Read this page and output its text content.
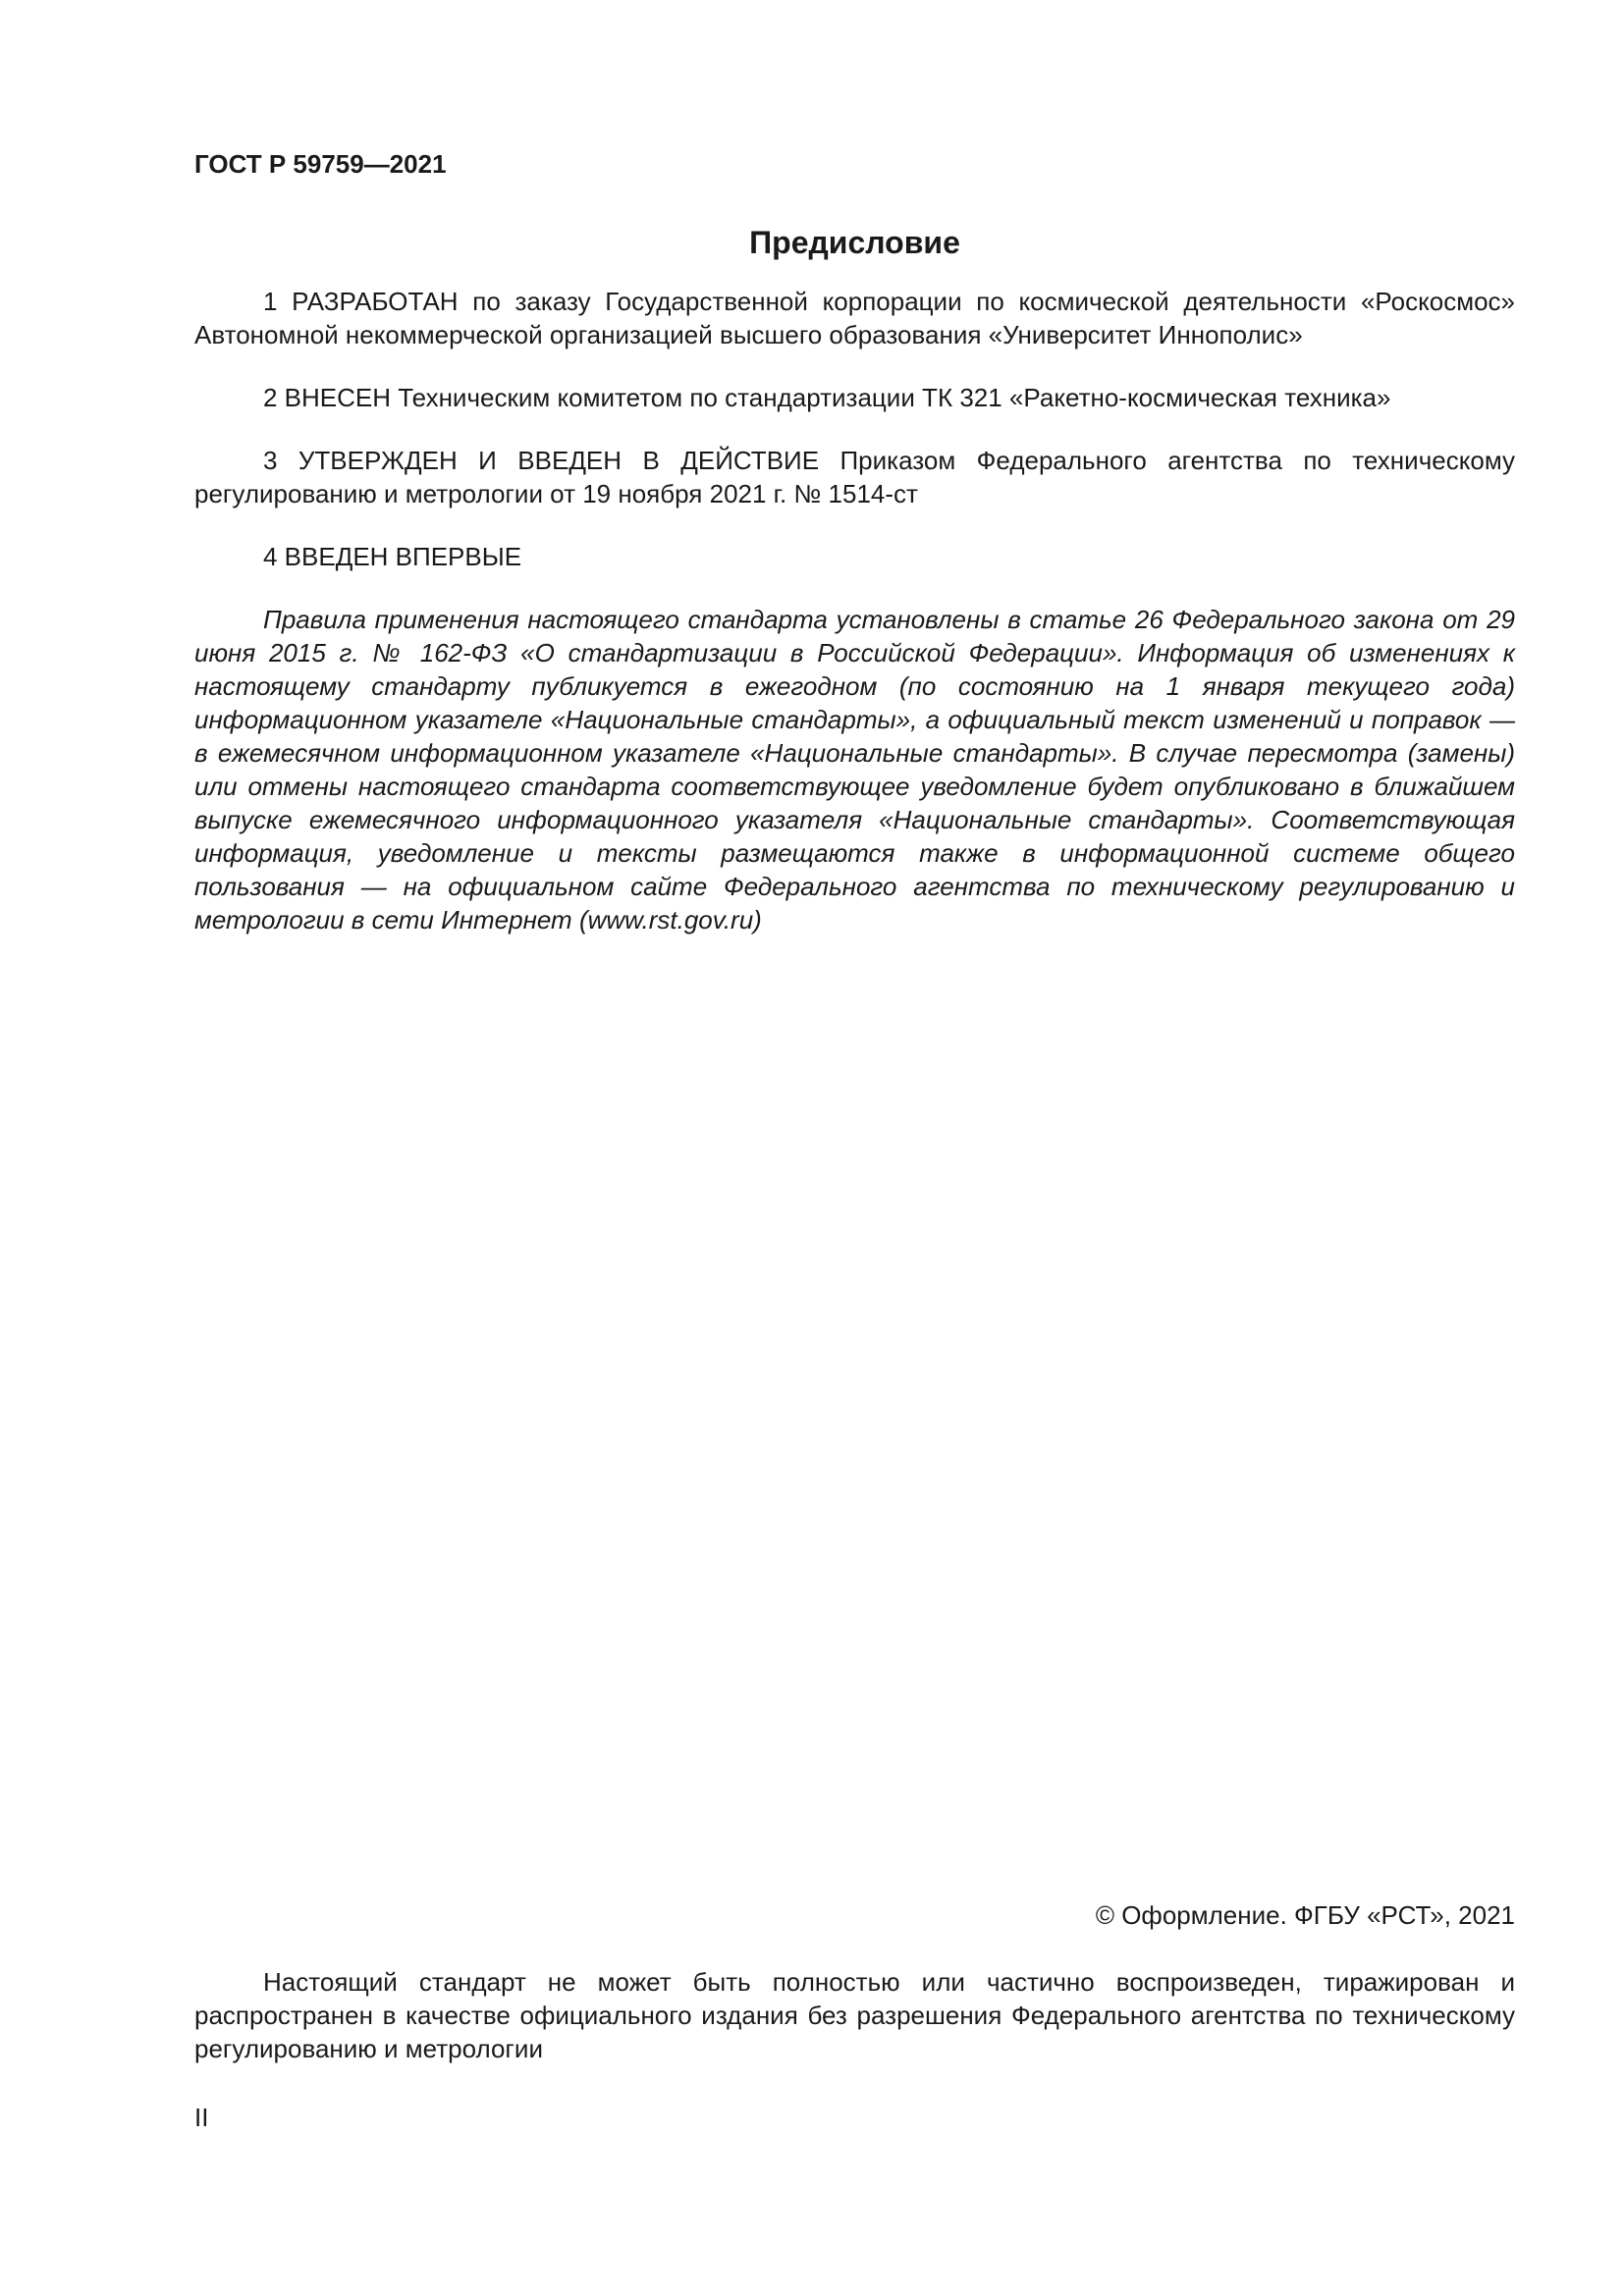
ГОСТ Р 59759—2021
Предисловие

1 РАЗРАБОТАН по заказу Государственной корпорации по космической деятельности «Роскосмос» Автономной некоммерческой организацией высшего образования «Университет Иннополис»

2 ВНЕСЕН Техническим комитетом по стандартизации ТК 321 «Ракетно-космическая техника»

3 УТВЕРЖДЕН И ВВЕДЕН В ДЕЙСТВИЕ Приказом Федерального агентства по техническому регулированию и метрологии от 19 ноября 2021 г. № 1514-ст

4 ВВЕДЕН ВПЕРВЫЕ

Правила применения настоящего стандарта установлены в статье 26 Федерального закона от 29 июня 2015 г. № 162-ФЗ «О стандартизации в Российской Федерации». Информация об изменениях к настоящему стандарту публикуется в ежегодном (по состоянию на 1 января текущего года) информационном указателе «Национальные стандарты», а официальный текст изменений и поправок — в ежемесячном информационном указателе «Национальные стандарты». В случае пересмотра (замены) или отмены настоящего стандарта соответствующее уведомление будет опубликовано в ближайшем выпуске ежемесячного информационного указателя «Национальные стандарты». Соответствующая информация, уведомление и тексты размещаются также в информационной системе общего пользования — на официальном сайте Федерального агентства по техническому регулированию и метрологии в сети Интернет (www.rst.gov.ru)

© Оформление. ФГБУ «РСТ», 2021
Настоящий стандарт не может быть полностью или частично воспроизведен, тиражирован и распространен в качестве официального издания без разрешения Федерального агентства по техническому регулированию и метрологии
II
